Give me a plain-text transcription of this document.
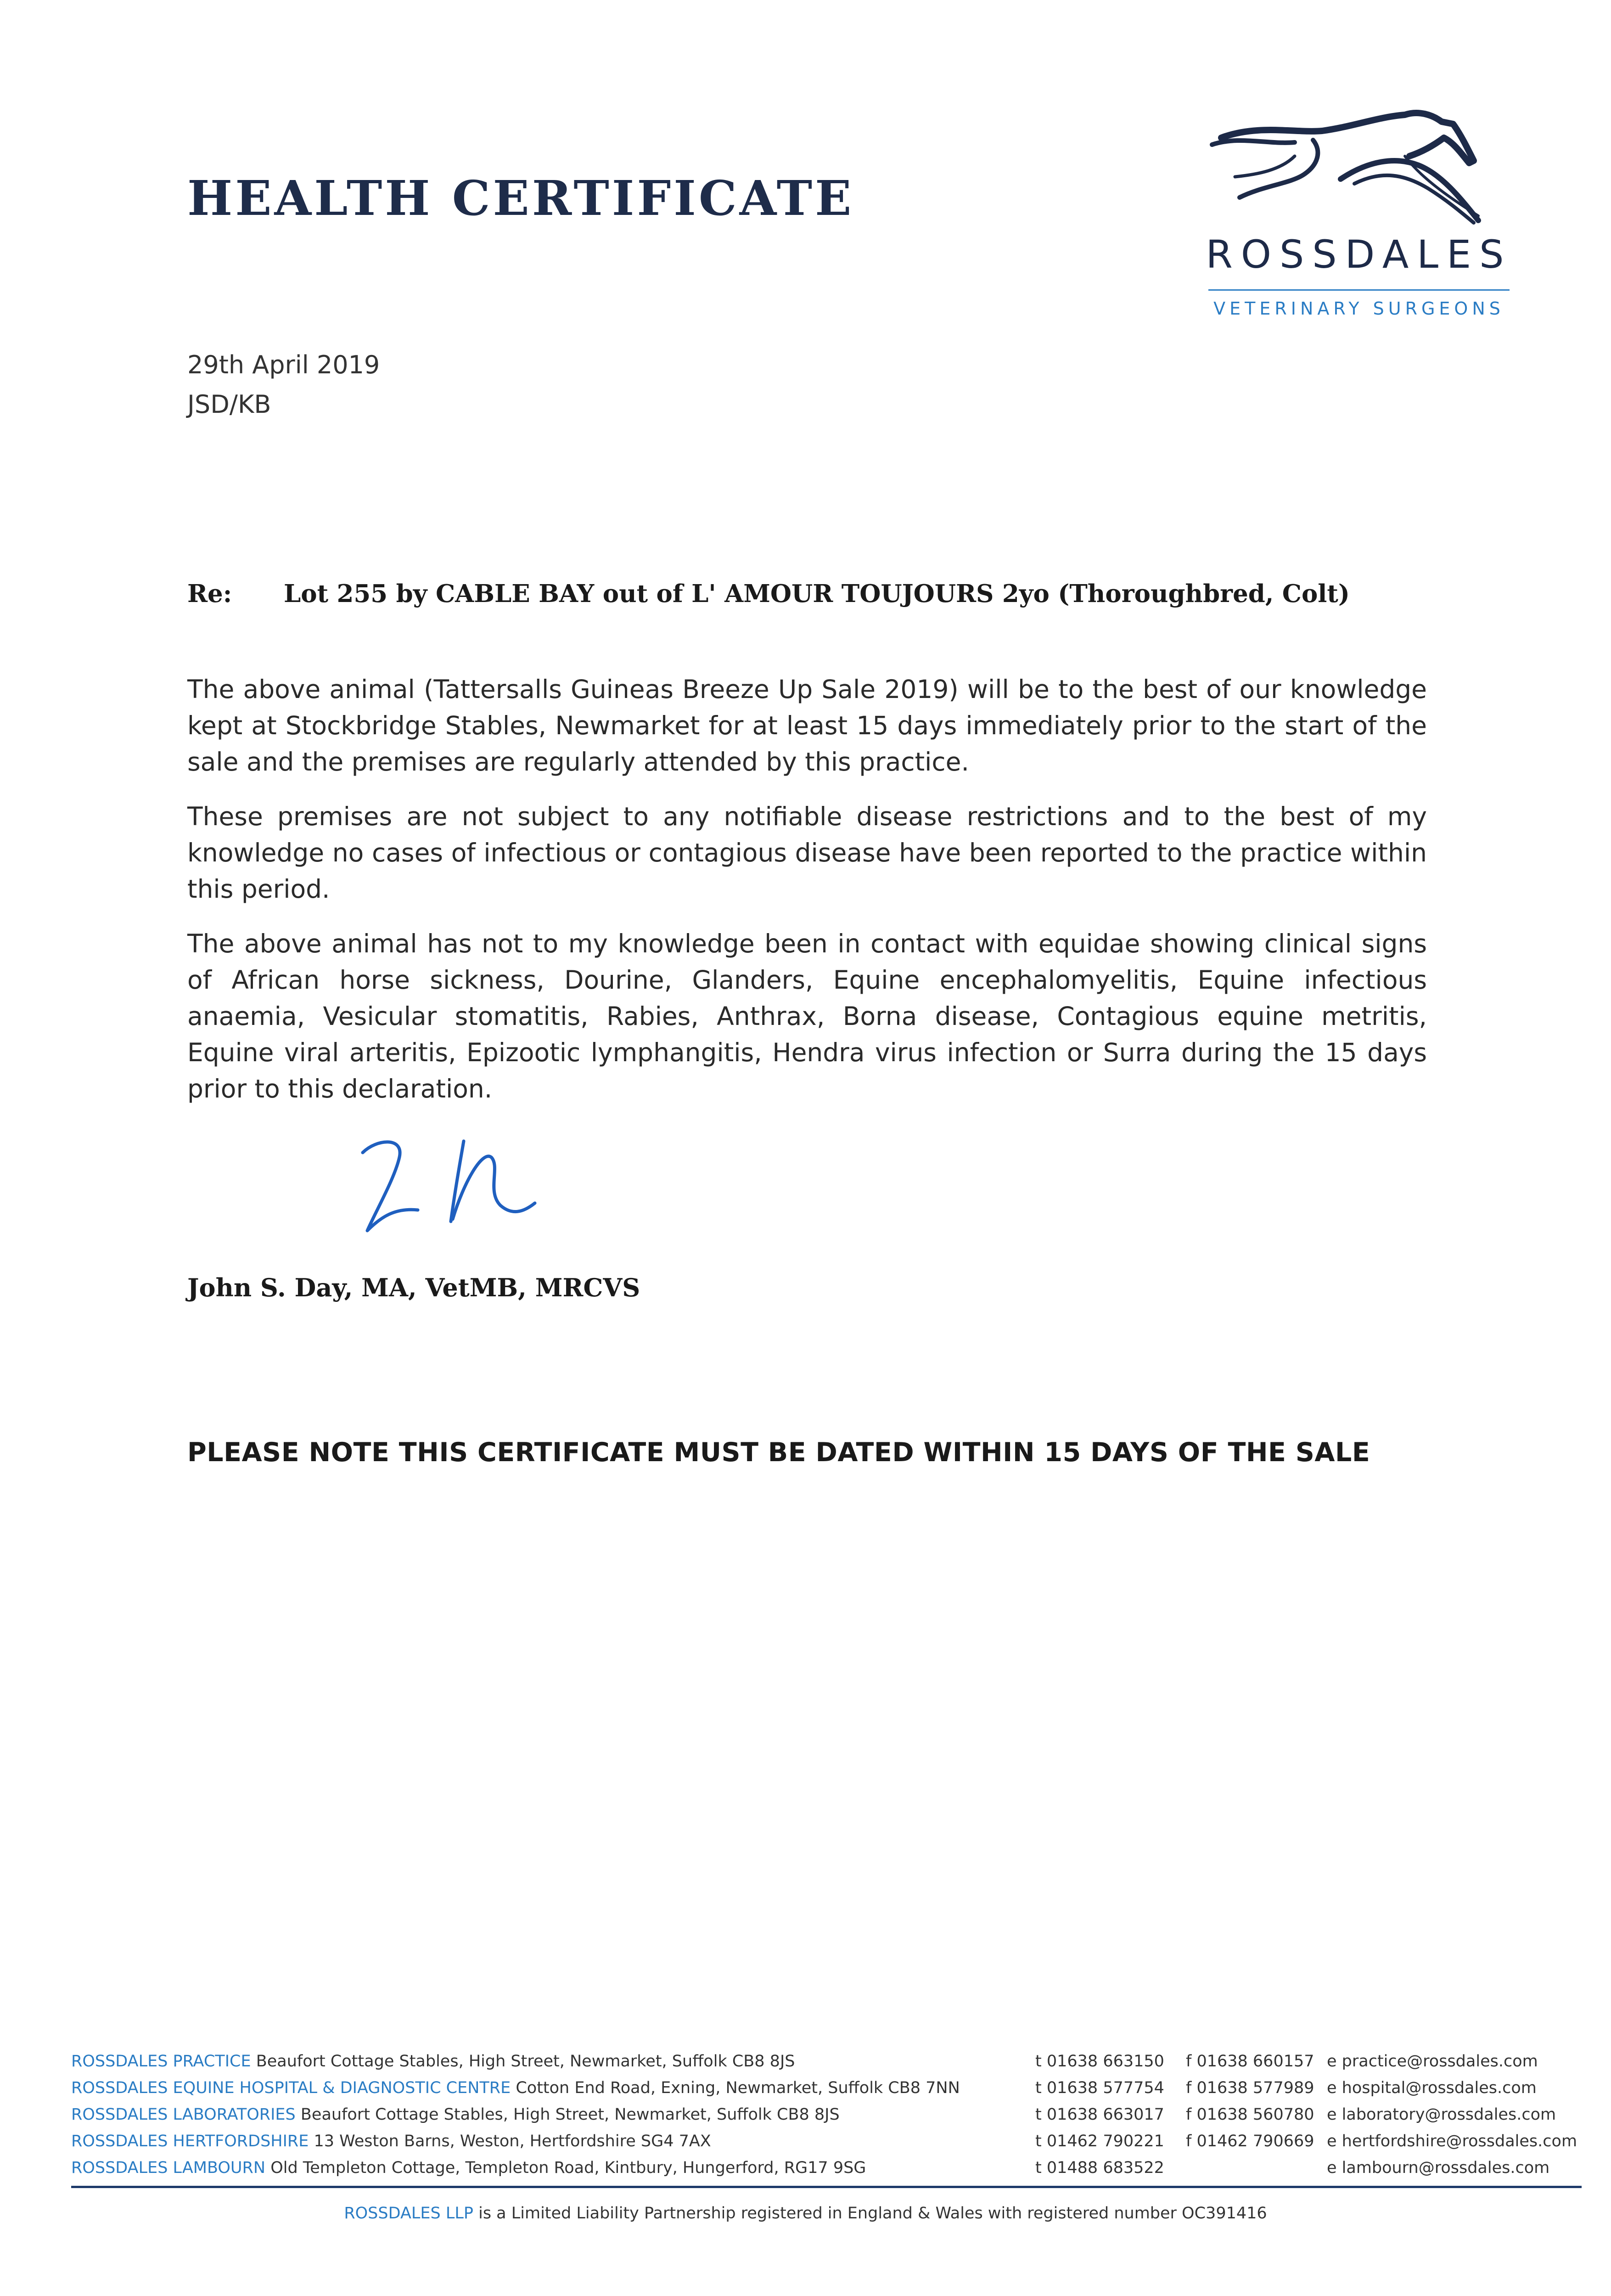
HEALTH CERTIFICATE
ROSSDALES
VETERINARY SURGEONS
29th April 2019
JSD/KB
Re: Lot 255 by CABLE BAY out of L' AMOUR TOUJOURS 2yo (Thoroughbred, Colt)

The above animal (Tattersalls Guineas Breeze Up Sale 2019) will be to the best of our knowledge kept at Stockbridge Stables, Newmarket for at least 15 days immediately prior to the start of the sale and the premises are regularly attended by this practice.

These premises are not subject to any notifiable disease restrictions and to the best of my knowledge no cases of infectious or contagious disease have been reported to the practice within this period.

The above animal has not to my knowledge been in contact with equidae showing clinical signs of African horse sickness, Dourine, Glanders, Equine encephalomyelitis, Equine infectious anaemia, Vesicular stomatitis, Rabies, Anthrax, Borna disease, Contagious equine metritis, Equine viral arteritis, Epizootic lymphangitis, Hendra virus infection or Surra during the 15 days prior to this declaration.

John S. Day, MA, VetMB, MRCVS
PLEASE NOTE THIS CERTIFICATE MUST BE DATED WITHIN 15 DAYS OF THE SALE
ROSSDALES PRACTICE Beaufort Cottage Stables, High Street, Newmarket, Suffolk CB8 8JS	t 01638 663150 f 01638 660157 e practice@rossdales.com
ROSSDALES EQUINE HOSPITAL & DIAGNOSTIC CENTRE Cotton End Road, Exning, Newmarket, Suffolk CB8 7NN	t 01638 577754 f 01638 577989 e hospital@rossdales.com
ROSSDALES LABORATORIES Beaufort Cottage Stables, High Street, Newmarket, Suffolk CB8 8JS	t 01638 663017 f 01638 560780 e laboratory@rossdales.com
ROSSDALES HERTFORDSHIRE 13 Weston Barns, Weston, Hertfordshire SG4 7AX	t 01462 790221 f 01462 790669 e hertfordshire@rossdales.com
ROSSDALES LAMBOURN Old Templeton Cottage, Templeton Road, Kintbury, Hungerford, RG17 9SG	t 01488 683522	e lambourn@rossdales.com
ROSSDALES LLP is a Limited Liability Partnership registered in England & Wales with registered number OC391416
